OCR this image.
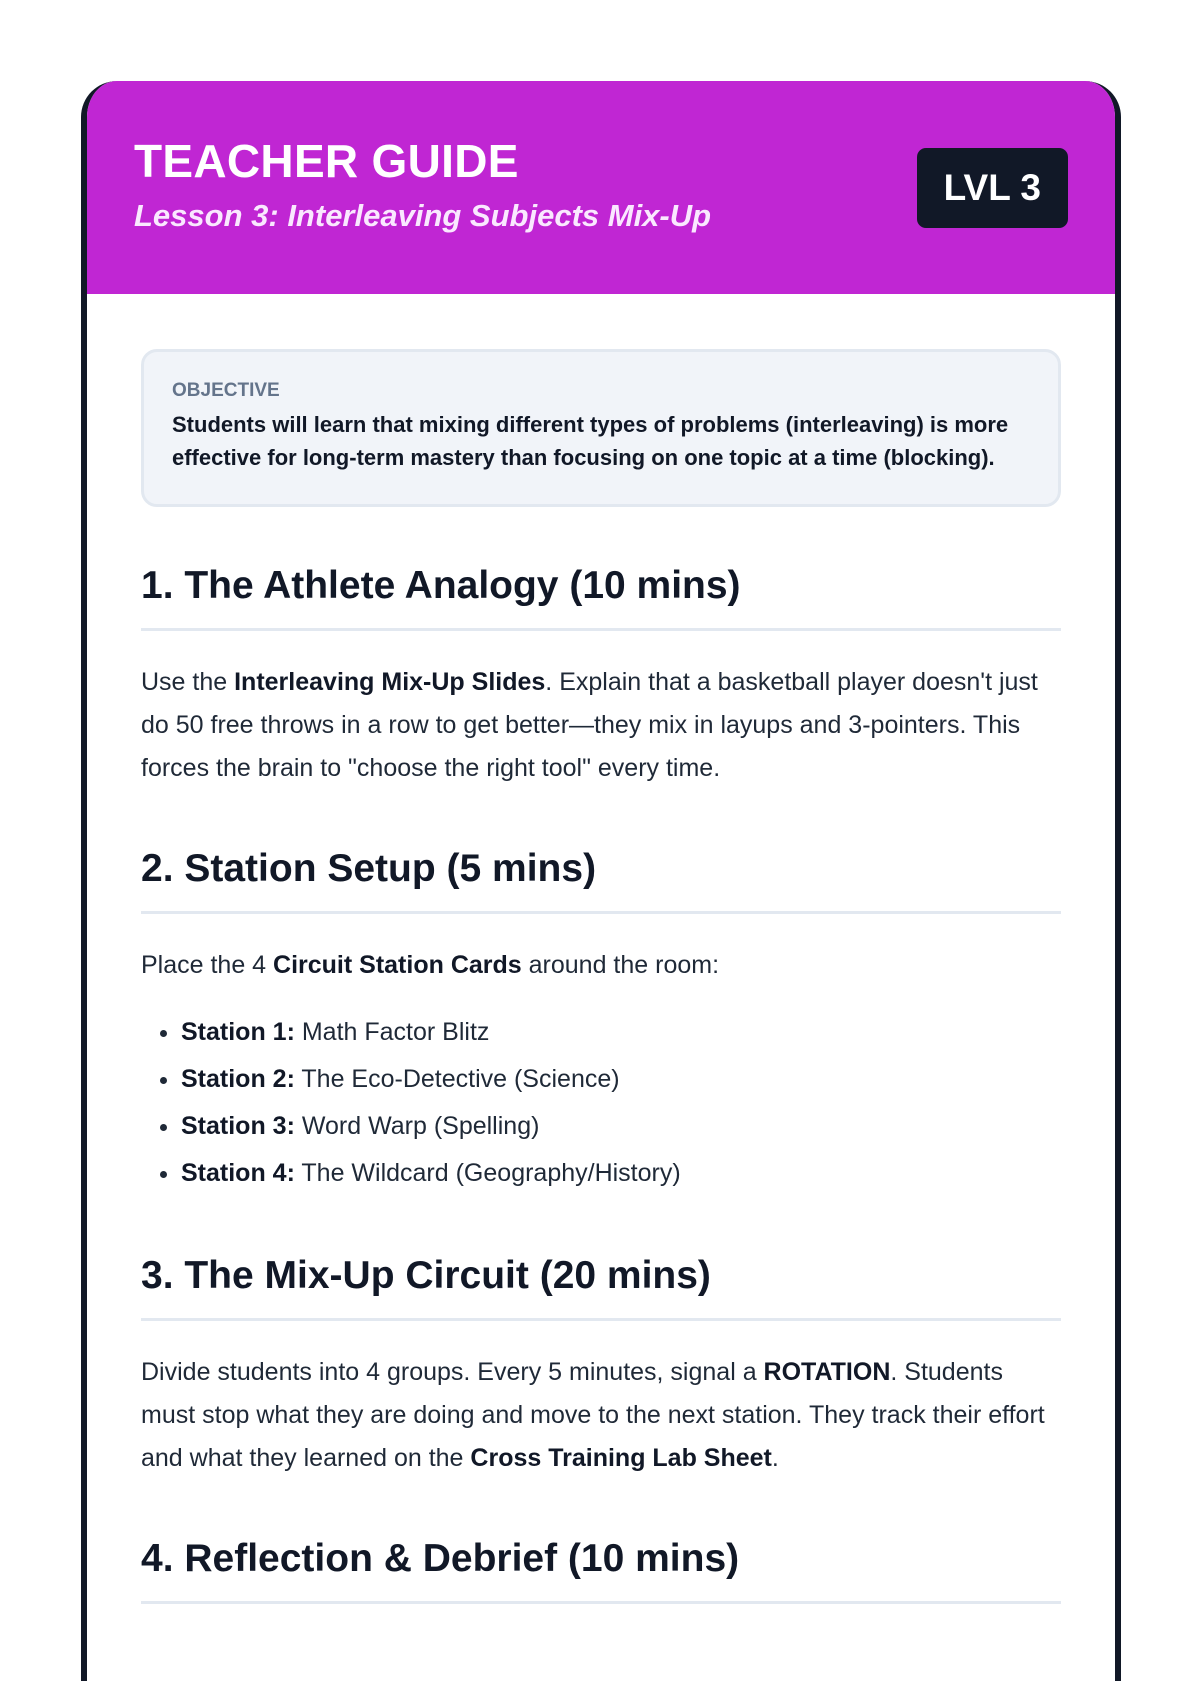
TEACHER GUIDE
Lesson 3: Interleaving Subjects Mix-Up
LVL 3
OBJECTIVE
Students will learn that mixing different types of problems (interleaving) is more effective for long-term mastery than focusing on one topic at a time (blocking).
1. The Athlete Analogy (10 mins)

Use the Interleaving Mix-Up Slides. Explain that a basketball player doesn't just do 50 free throws in a row to get better—they mix in layups and 3-pointers. This forces the brain to "choose the right tool" every time.

2. Station Setup (5 mins)

Place the 4 Circuit Station Cards around the room:

• Station 1: Math Factor Blitz
• Station 2: The Eco-Detective (Science)
• Station 3: Word Warp (Spelling)
• Station 4: The Wildcard (Geography/History)
3. The Mix-Up Circuit (20 mins)

Divide students into 4 groups. Every 5 minutes, signal a ROTATION. Students must stop what they are doing and move to the next station. They track their effort and what they learned on the Cross Training Lab Sheet.

4. Reflection & Debrief (10 mins)
